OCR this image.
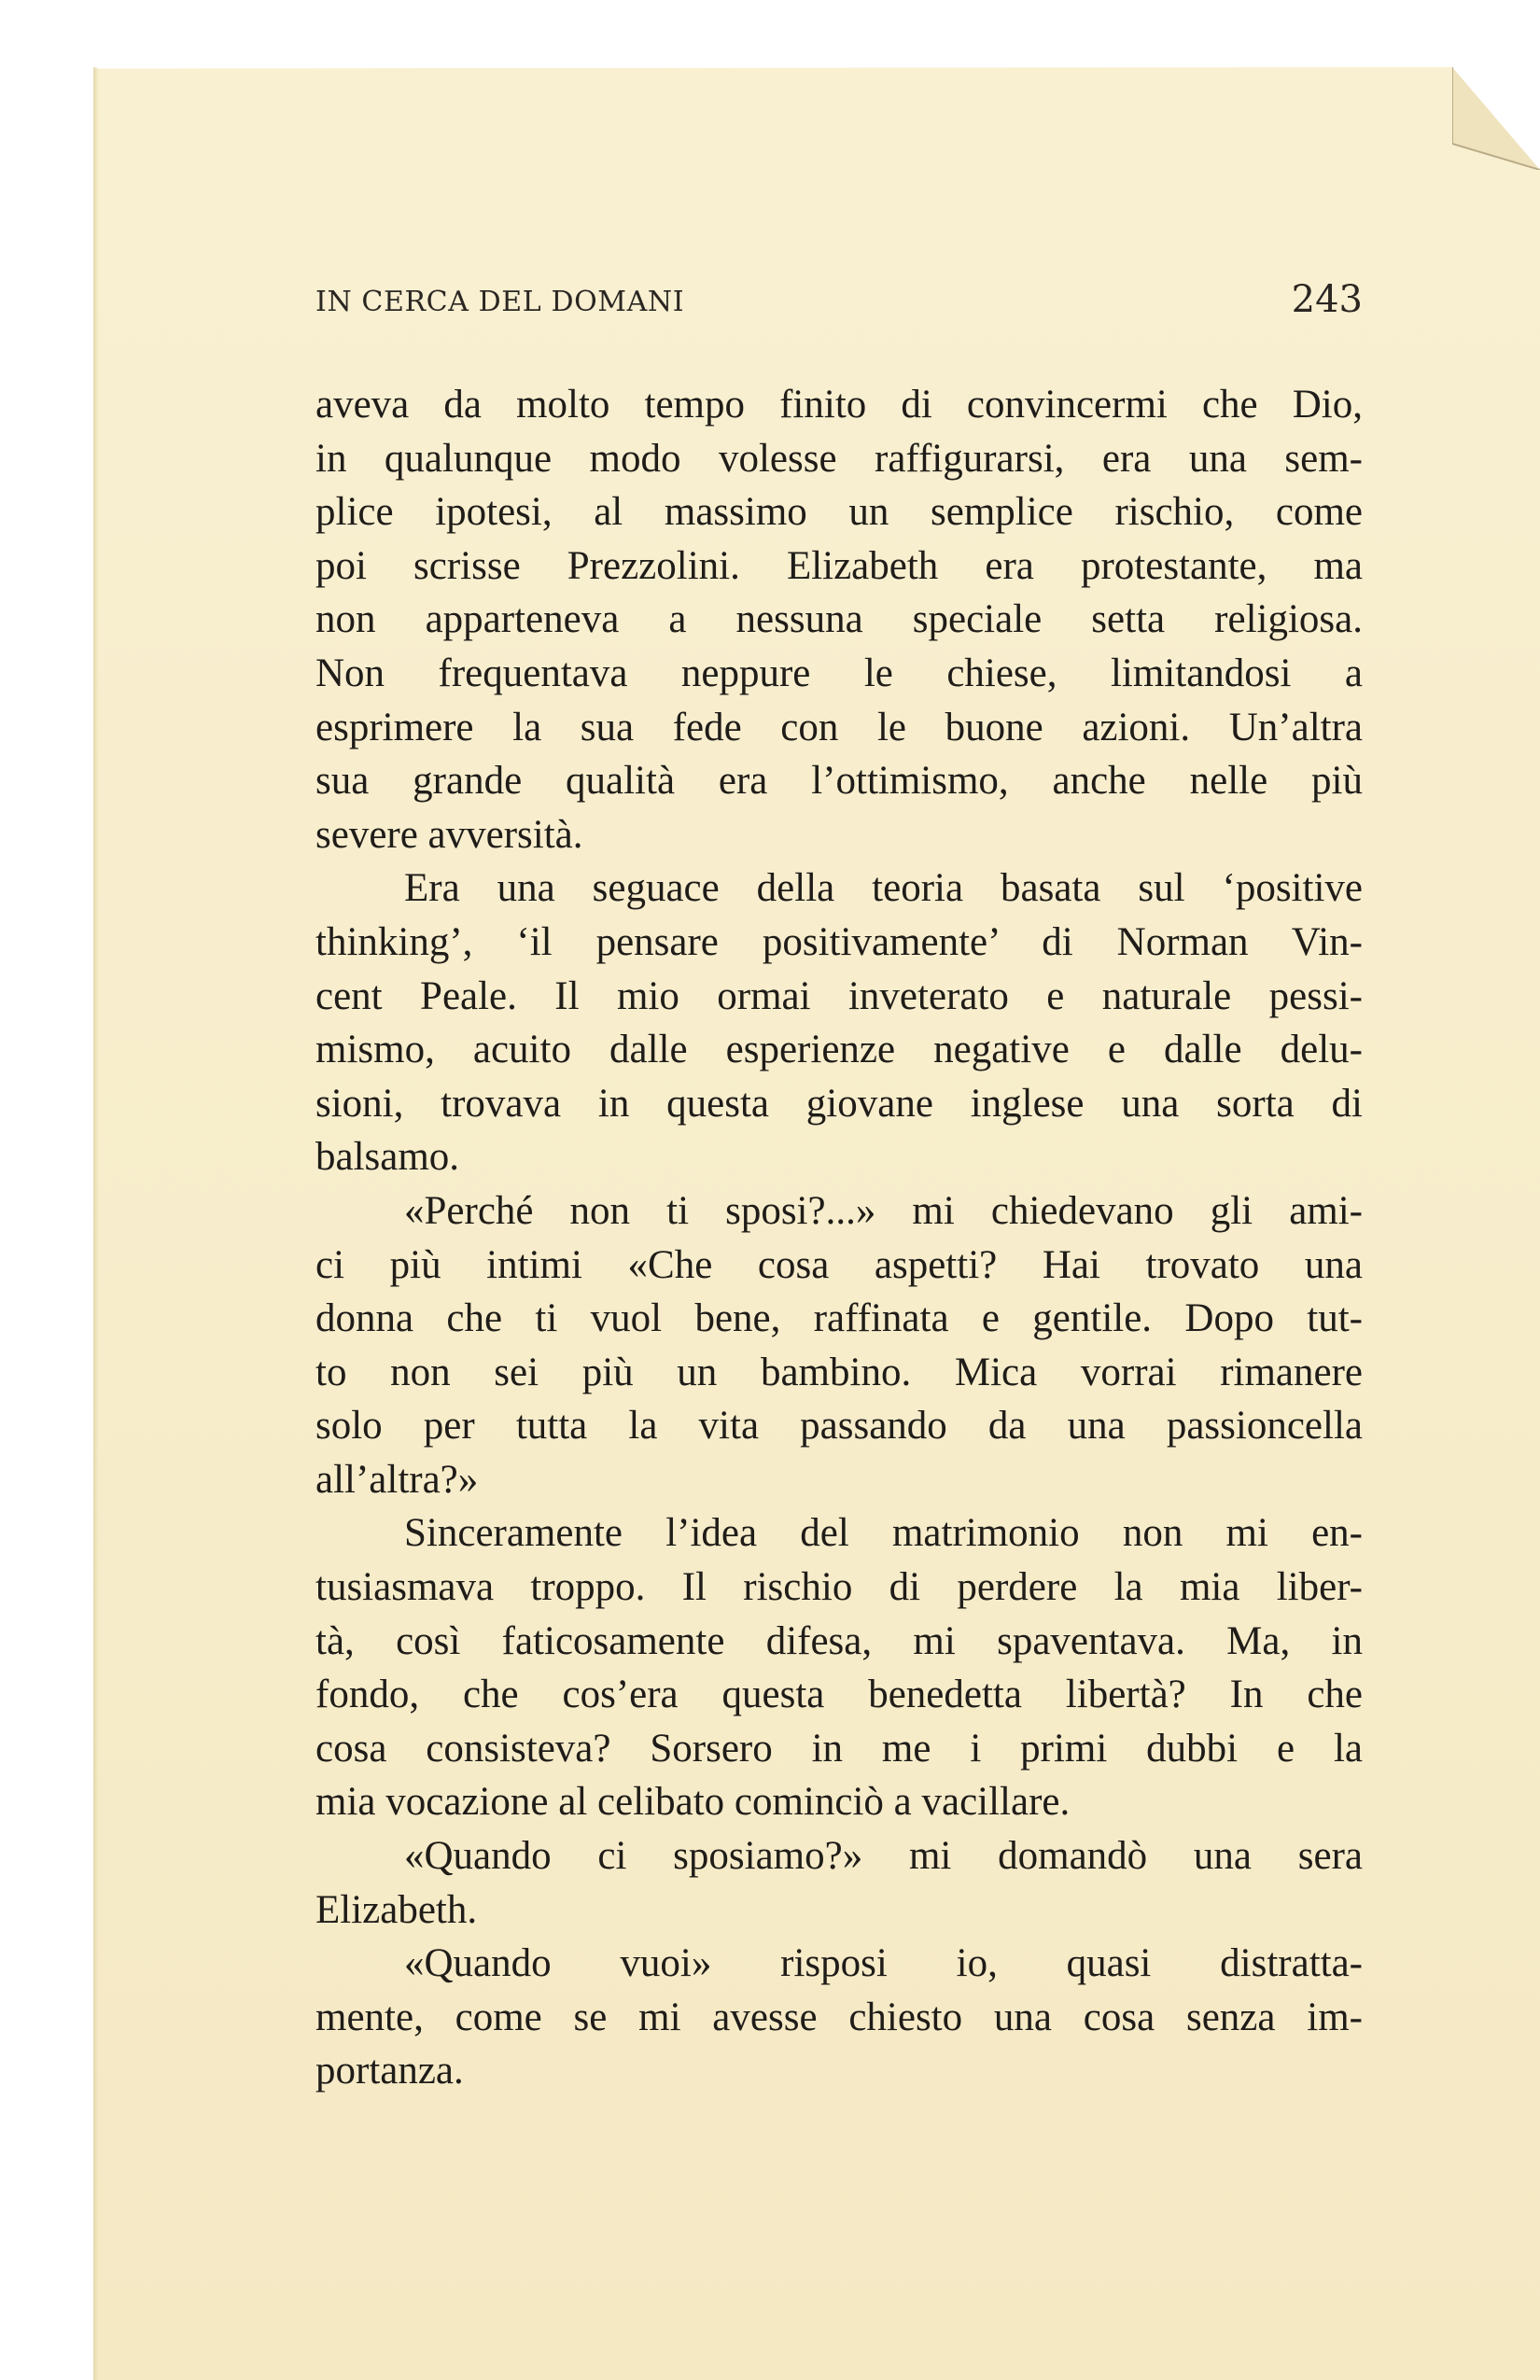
IN CERCA DEL DOMANI	243
aveva da molto tempo finito di convincermi che Dio,
in qualunque modo volesse raffigurarsi, era una sem-
plice ipotesi, al massimo un semplice rischio, come
poi scrisse Prezzolini. Elizabeth era protestante, ma
non apparteneva a nessuna speciale setta religiosa.
Non frequentava neppure le chiese, limitandosi a
esprimere la sua fede con le buone azioni. Un’altra
sua grande qualità era l’ottimismo, anche nelle più
severe avversità.
Era una seguace della teoria basata sul ‘positive
thinking’, ‘il pensare positivamente’ di Norman Vin-
cent Peale. Il mio ormai inveterato e naturale pessi-
mismo, acuito dalle esperienze negative e dalle delu-
sioni, trovava in questa giovane inglese una sorta di
balsamo.
«Perché non ti sposi?...» mi chiedevano gli ami-
ci più intimi «Che cosa aspetti? Hai trovato una
donna che ti vuol bene, raffinata e gentile. Dopo tut-
to non sei più un bambino. Mica vorrai rimanere
solo per tutta la vita passando da una passioncella
all’altra?»
Sinceramente l’idea del matrimonio non mi en-
tusiasmava troppo. Il rischio di perdere la mia liber-
tà, così faticosamente difesa, mi spaventava. Ma, in
fondo, che cos’era questa benedetta libertà? In che
cosa consisteva? Sorsero in me i primi dubbi e la
mia vocazione al celibato cominciò a vacillare.
«Quando ci sposiamo?» mi domandò una sera
Elizabeth.
«Quando vuoi» risposi io, quasi distratta-
mente, come se mi avesse chiesto una cosa senza im-
portanza.
